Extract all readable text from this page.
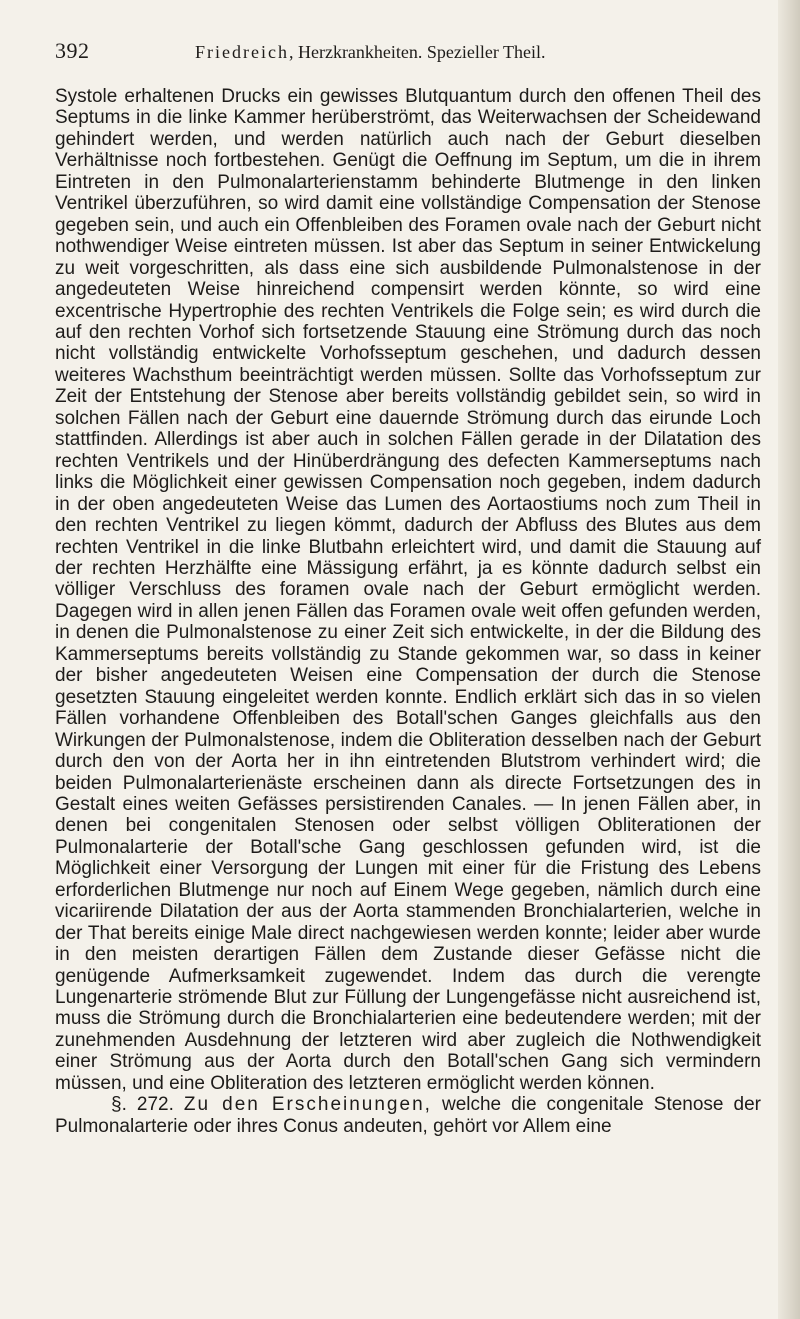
392	Friedreich, Herzkrankheiten. Spezieller Theil.

Systole erhaltenen Drucks ein gewisses Blutquantum durch den offenen Theil des Septums in die linke Kammer herüberströmt, das Weiterwachsen der Scheidewand gehindert werden, und werden natürlich auch nach der Geburt dieselben Verhältnisse noch fortbestehen. Genügt die Oeffnung im Septum, um die in ihrem Eintreten in den Pulmonalarterienstamm behinderte Blutmenge in den linken Ventrikel überzuführen, so wird damit eine vollständige Compensation der Stenose gegeben sein, und auch ein Offenbleiben des Foramen ovale nach der Geburt nicht nothwendiger Weise eintreten müssen. Ist aber das Septum in seiner Entwickelung zu weit vorgeschritten, als dass eine sich ausbildende Pulmonalstenose in der angedeuteten Weise hinreichend compensirt werden könnte, so wird eine excentrische Hypertrophie des rechten Ventrikels die Folge sein; es wird durch die auf den rechten Vorhof sich fortsetzende Stauung eine Strömung durch das noch nicht vollständig entwickelte Vorhofsseptum geschehen, und dadurch dessen weiteres Wachsthum beeinträchtigt werden müssen. Sollte das Vorhofsseptum zur Zeit der Entstehung der Stenose aber bereits vollständig gebildet sein, so wird in solchen Fällen nach der Geburt eine dauernde Strömung durch das eirunde Loch stattfinden. Allerdings ist aber auch in solchen Fällen gerade in der Dilatation des rechten Ventrikels und der Hinüberdrängung des defecten Kammerseptums nach links die Möglichkeit einer gewissen Compensation noch gegeben, indem dadurch in der oben angedeuteten Weise das Lumen des Aortaostiums noch zum Theil in den rechten Ventrikel zu liegen kömmt, dadurch der Abfluss des Blutes aus dem rechten Ventrikel in die linke Blutbahn erleichtert wird, und damit die Stauung auf der rechten Herzhälfte eine Mässigung erfährt, ja es könnte dadurch selbst ein völliger Verschluss des foramen ovale nach der Geburt ermöglicht werden. Dagegen wird in allen jenen Fällen das Foramen ovale weit offen gefunden werden, in denen die Pulmonalstenose zu einer Zeit sich entwickelte, in der die Bildung des Kammerseptums bereits vollständig zu Stande gekommen war, so dass in keiner der bisher angedeuteten Weisen eine Compensation der durch die Stenose gesetzten Stauung eingeleitet werden konnte. Endlich erklärt sich das in so vielen Fällen vorhandene Offenbleiben des Botall'schen Ganges gleichfalls aus den Wirkungen der Pulmonalstenose, indem die Obliteration desselben nach der Geburt durch den von der Aorta her in ihn eintretenden Blutstrom verhindert wird; die beiden Pulmonalarterienäste erscheinen dann als directe Fortsetzungen des in Gestalt eines weiten Gefässes persistirenden Canales. — In jenen Fällen aber, in denen bei congenitalen Stenosen oder selbst völligen Obliterationen der Pulmonalarterie der Botall'sche Gang geschlossen gefunden wird, ist die Möglichkeit einer Versorgung der Lungen mit einer für die Fristung des Lebens erforderlichen Blutmenge nur noch auf Einem Wege gegeben, nämlich durch eine vicariirende Dilatation der aus der Aorta stammenden Bronchialarterien, welche in der That bereits einige Male direct nachgewiesen werden konnte; leider aber wurde in den meisten derartigen Fällen dem Zustande dieser Gefässe nicht die genügende Aufmerksamkeit zugewendet. Indem das durch die verengte Lungenarterie strömende Blut zur Füllung der Lungengefässe nicht ausreichend ist, muss die Strömung durch die Bronchialarterien eine bedeutendere werden; mit der zunehmenden Ausdehnung der letzteren wird aber zugleich die Nothwendigkeit einer Strömung aus der Aorta durch den Botall'schen Gang sich vermindern müssen, und eine Obliteration des letzteren ermöglicht werden können.

§. 272. Zu den Erscheinungen, welche die congenitale Stenose der Pulmonalarterie oder ihres Conus andeuten, gehört vor Allem eine
